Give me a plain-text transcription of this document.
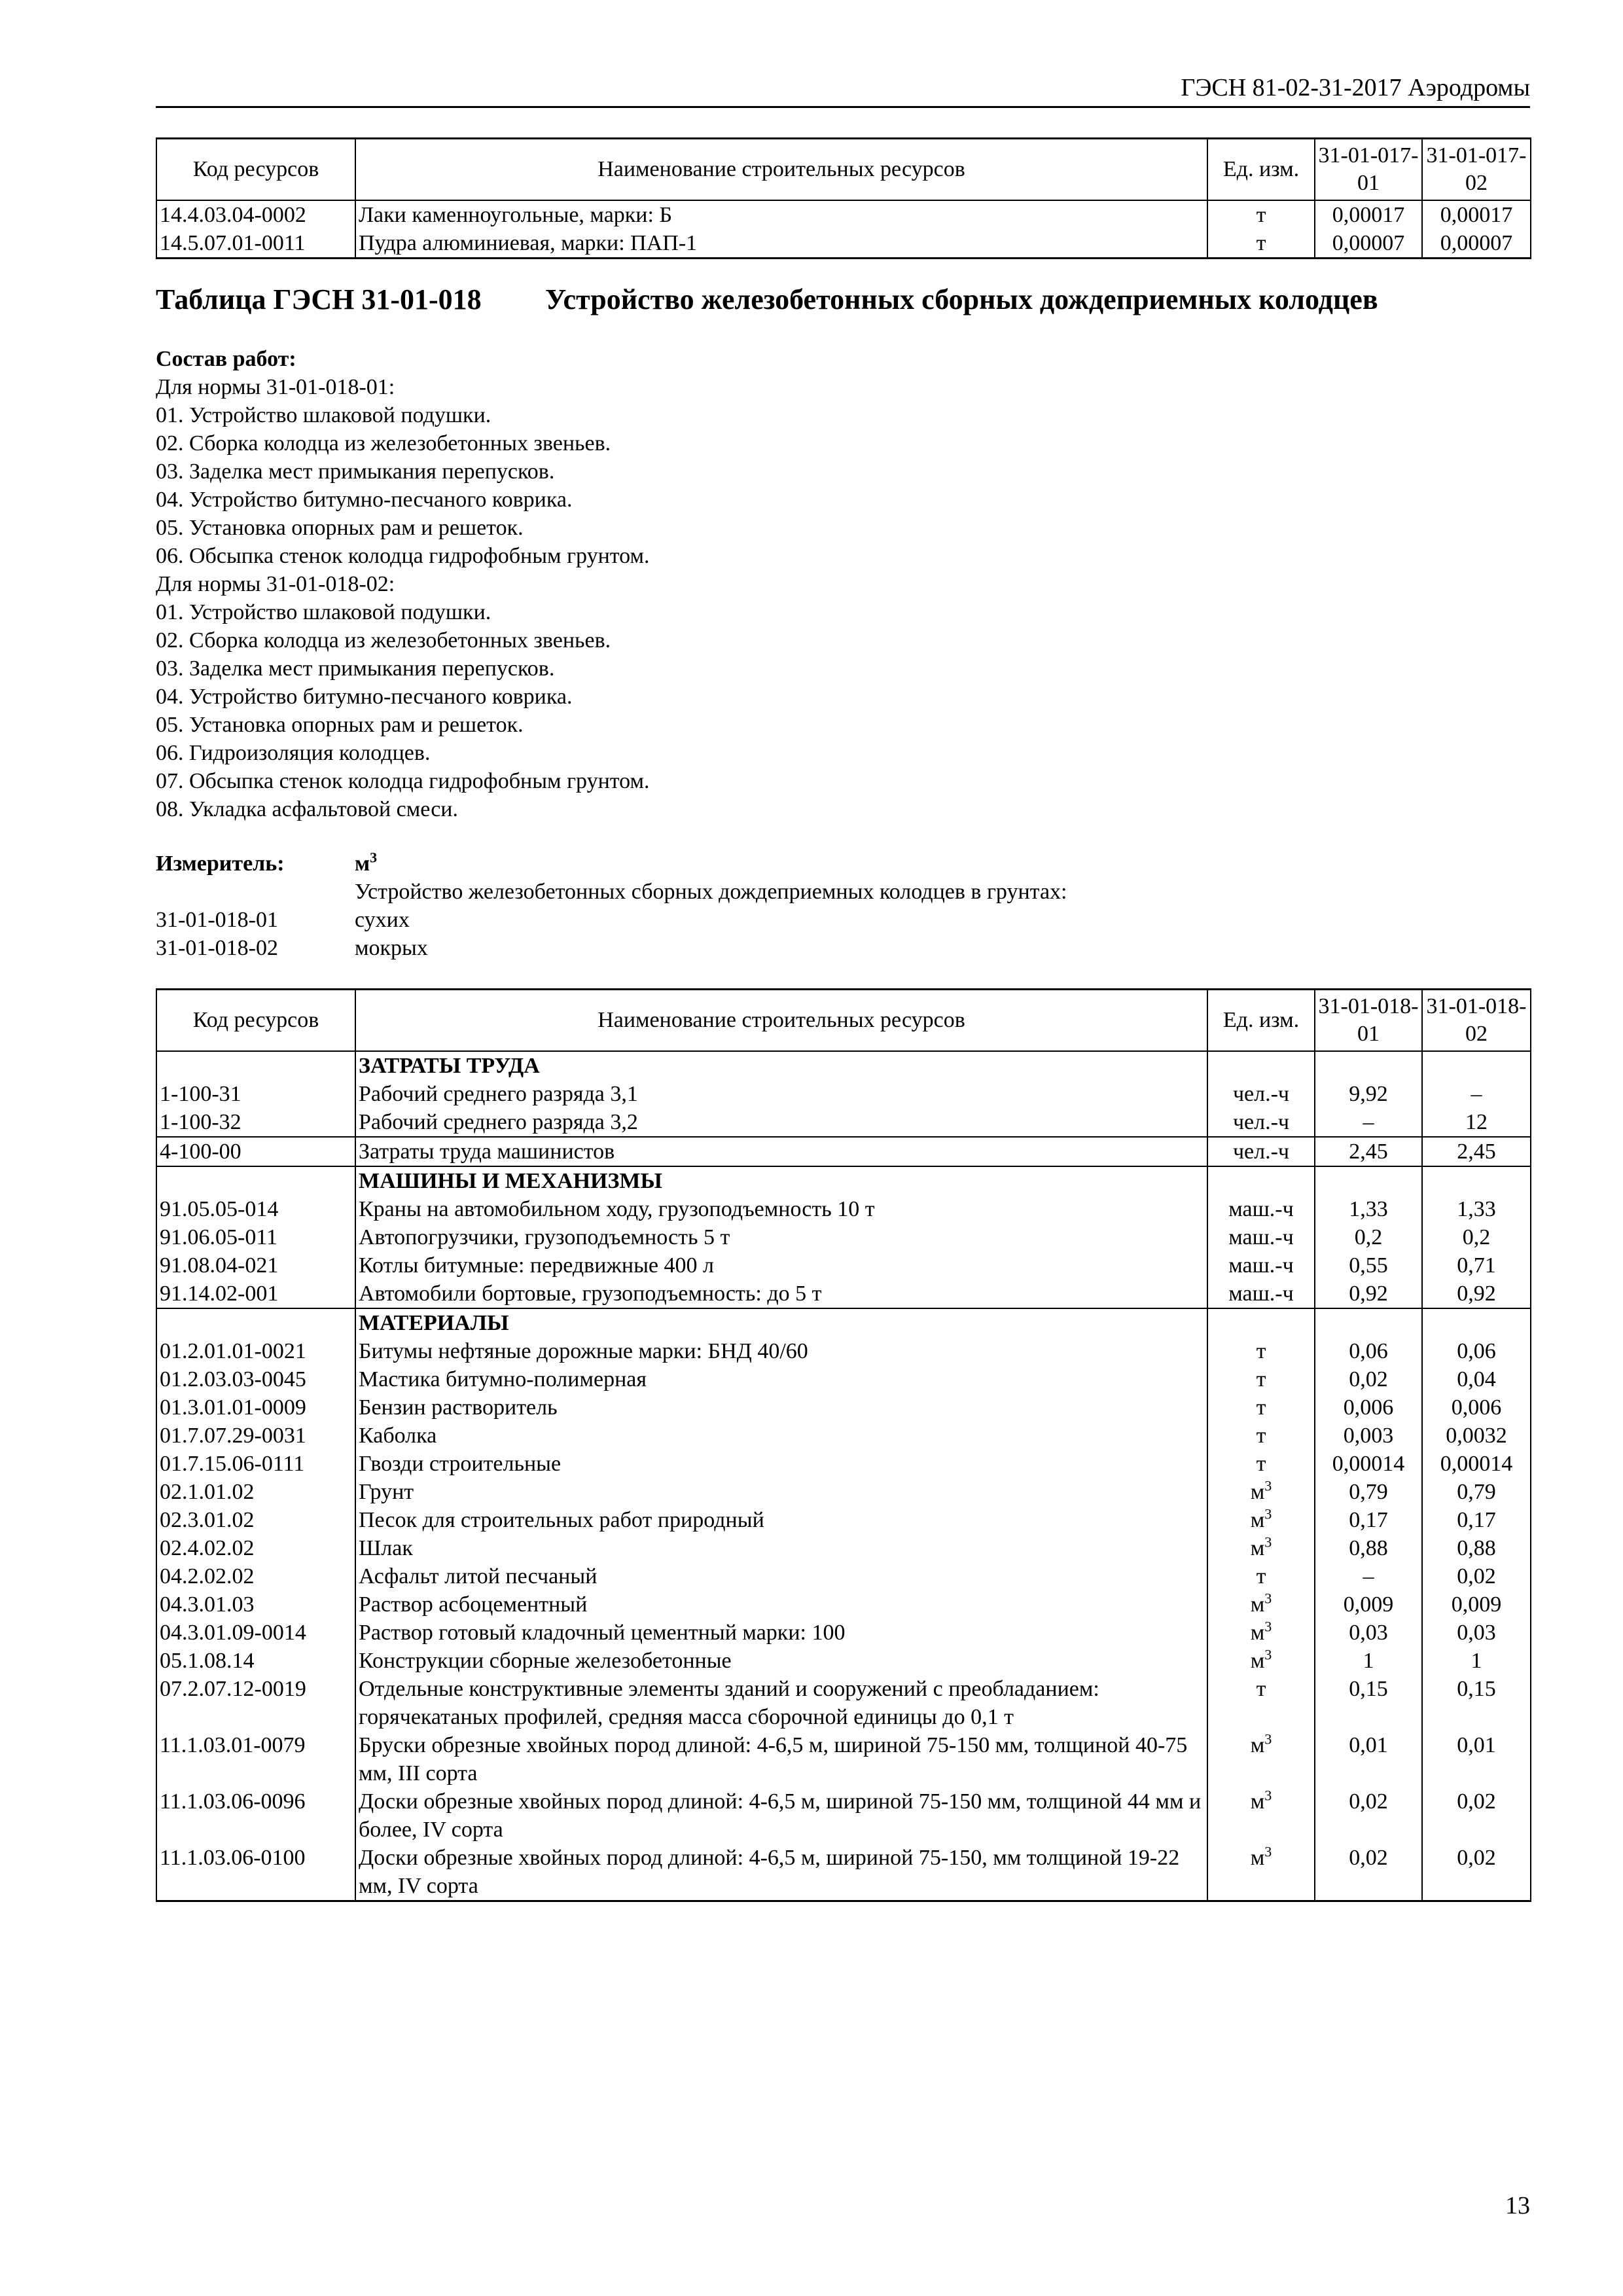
ГЭСН 81-02-31-2017 Аэродромы
Код ресурсов	Наименование строительных ресурсов	Ед. изм.	31-01-017-01	31-01-017-02
14.4.03.04-0002	Лаки каменноугольные, марки: Б	т	0,00017	0,00017
14.5.07.01-0011	Пудра алюминиевая, марки: ПАП-1	т	0,00007	0,00007
Таблица ГЭСН 31-01-018 Устройство железобетонных сборных дождеприемных колодцев
Состав работ:
Для нормы 31-01-018-01:
01. Устройство шлаковой подушки.
02. Сборка колодца из железобетонных звеньев.
03. Заделка мест примыкания перепусков.
04. Устройство битумно-песчаного коврика.
05. Установка опорных рам и решеток.
06. Обсыпка стенок колодца гидрофобным грунтом.
Для нормы 31-01-018-02:
01. Устройство шлаковой подушки.
02. Сборка колодца из железобетонных звеньев.
03. Заделка мест примыкания перепусков.
04. Устройство битумно-песчаного коврика.
05. Установка опорных рам и решеток.
06. Гидроизоляция колодцев.
07. Обсыпка стенок колодца гидрофобным грунтом.
08. Укладка асфальтовой смеси.
Измеритель:	$м^3$
Устройство железобетонных сборных дождеприемных колодцев в грунтах:
31-01-018-01	сухих
31-01-018-02	мокрых
Код ресурсов	Наименование строительных ресурсов	Ед. изм.	31-01-018-01	31-01-018-02
	ЗАТРАТЫ ТРУДА			
1-100-31	Рабочий среднего разряда 3,1	чел.-ч	9,92	–
1-100-32	Рабочий среднего разряда 3,2	чел.-ч	–	12
4-100-00	Затраты труда машинистов	чел.-ч	2,45	2,45
	МАШИНЫ И МЕХАНИЗМЫ			
91.05.05-014	Краны на автомобильном ходу, грузоподъемность 10 т	маш.-ч	1,33	1,33
91.06.05-011	Автопогрузчики, грузоподъемность 5 т	маш.-ч	0,2	0,2
91.08.04-021	Котлы битумные: передвижные 400 л	маш.-ч	0,55	0,71
91.14.02-001	Автомобили бортовые, грузоподъемность: до 5 т	маш.-ч	0,92	0,92
	МАТЕРИАЛЫ			
01.2.01.01-0021	Битумы нефтяные дорожные марки: БНД 40/60	т	0,06	0,06
01.2.03.03-0045	Мастика битумно-полимерная	т	0,02	0,04
01.3.01.01-0009	Бензин растворитель	т	0,006	0,006
01.7.07.29-0031	Каболка	т	0,003	0,0032
01.7.15.06-0111	Гвозди строительные	т	0,00014	0,00014
02.1.01.02	Грунт	$м^3$	0,79	0,79
02.3.01.02	Песок для строительных работ природный	$м^3$	0,17	0,17
02.4.02.02	Шлак	$м^3$	0,88	0,88
04.2.02.02	Асфальт литой песчаный	т	–	0,02
04.3.01.03	Раствор асбоцементный	$м^3$	0,009	0,009
04.3.01.09-0014	Раствор готовый кладочный цементный марки: 100	$м^3$	0,03	0,03
05.1.08.14	Конструкции сборные железобетонные	$м^3$	1	1
07.2.07.12-0019	Отдельные конструктивные элементы зданий и сооружений с преобладанием: горячекатаных профилей, средняя масса сборочной единицы до 0,1 т	т	0,15	0,15
11.1.03.01-0079	Бруски обрезные хвойных пород длиной: 4-6,5 м, шириной 75-150 мм, толщиной 40-75 мм, III сорта	$м^3$	0,01	0,01
11.1.03.06-0096	Доски обрезные хвойных пород длиной: 4-6,5 м, шириной 75-150 мм, толщиной 44 мм и более, IV сорта	$м^3$	0,02	0,02
11.1.03.06-0100	Доски обрезные хвойных пород длиной: 4-6,5 м, шириной 75-150, мм толщиной 19-22 мм, IV сорта	$м^3$	0,02	0,02
13
